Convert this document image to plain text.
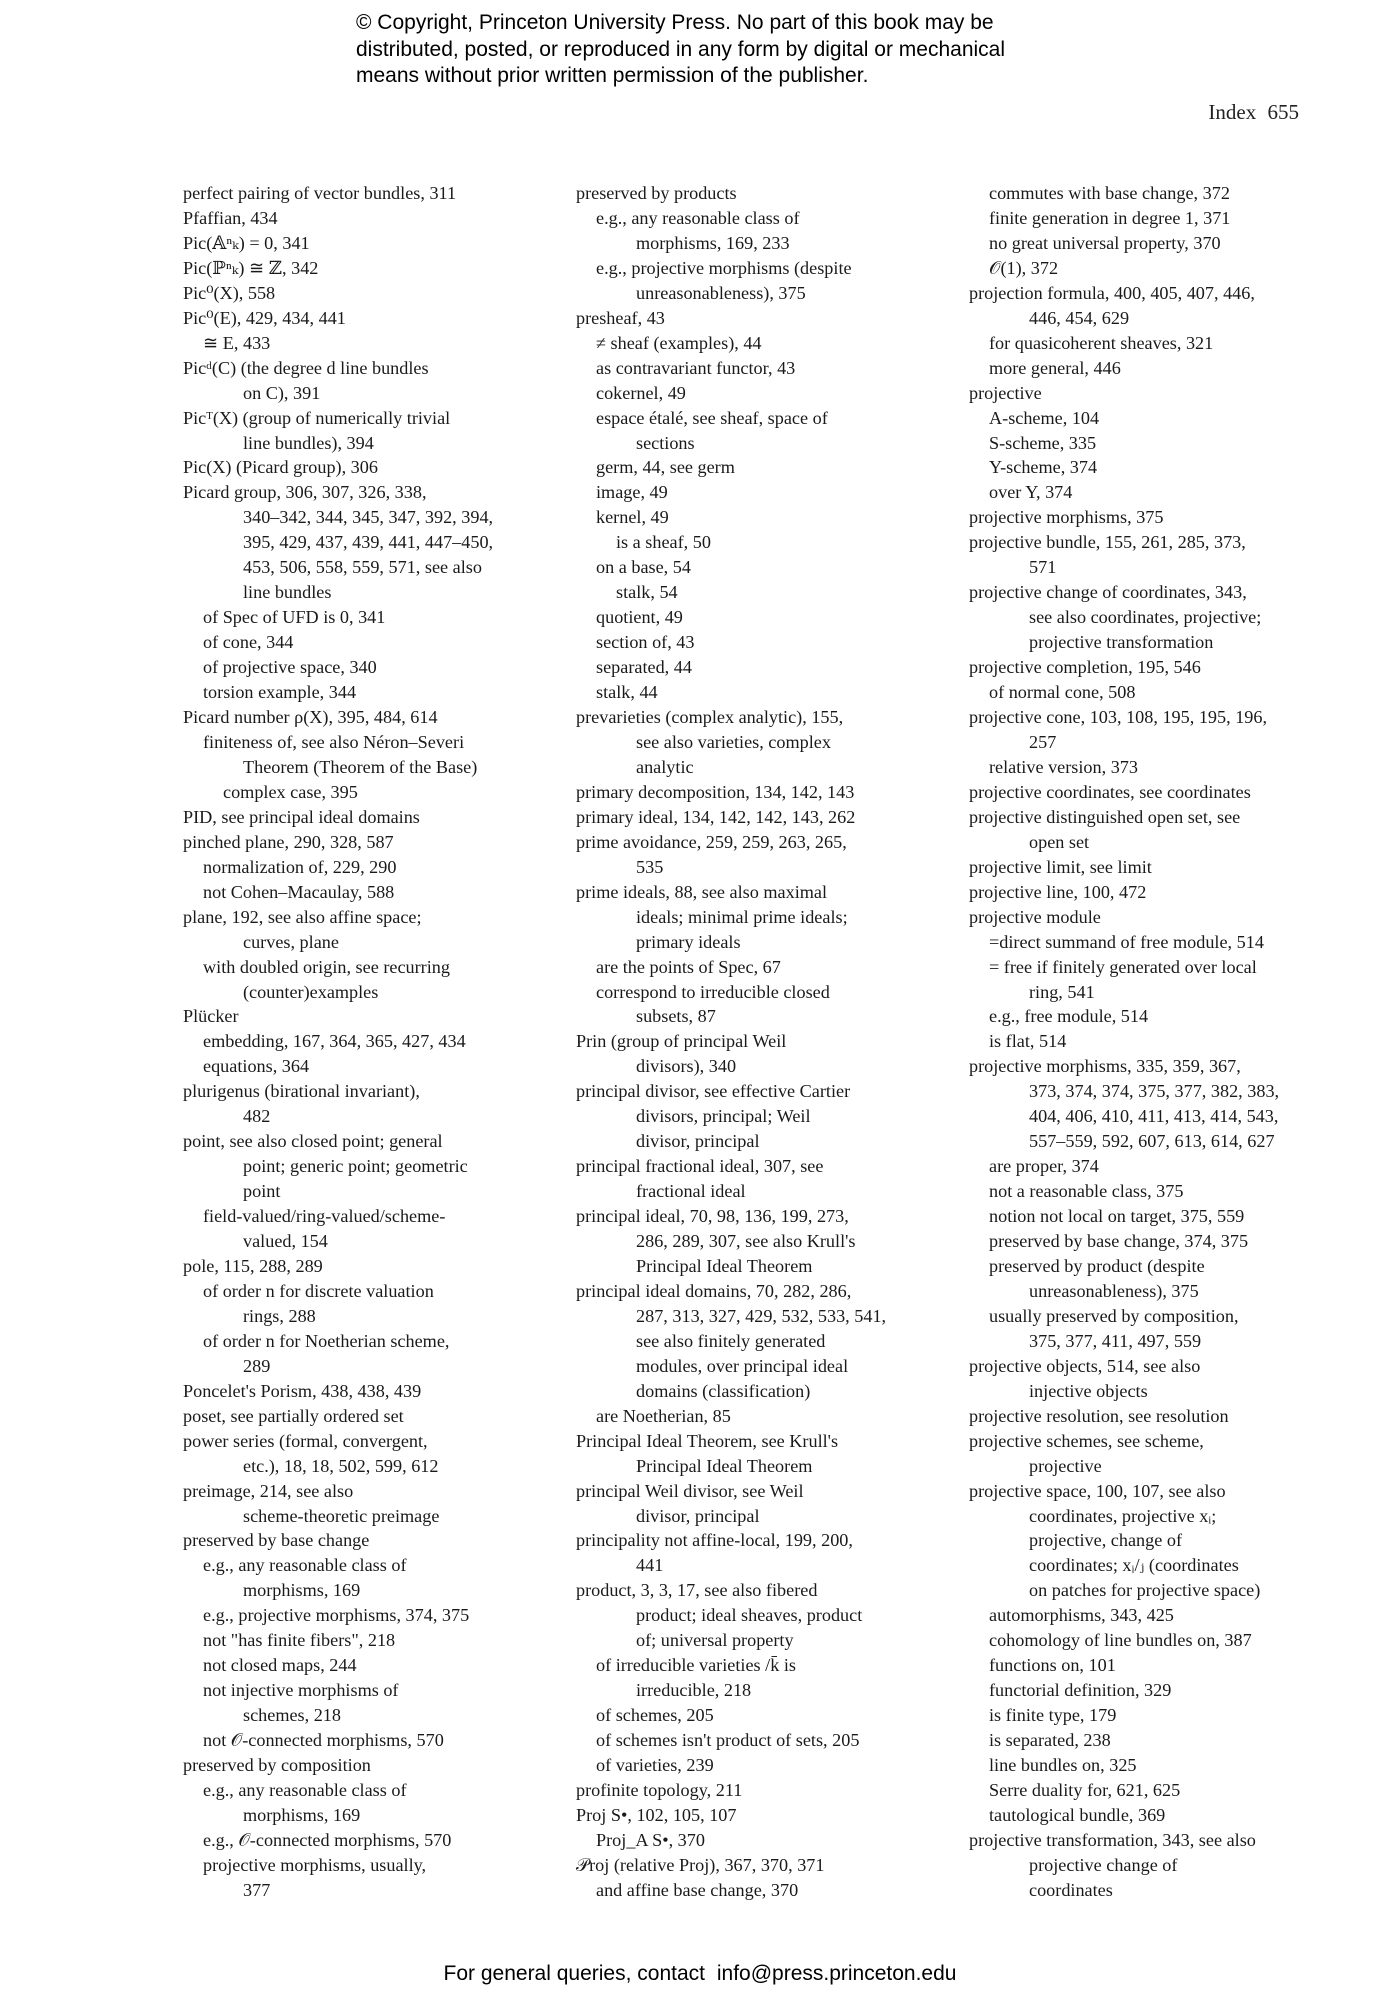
© Copyright, Princeton University Press. No part of this book may be
distributed, posted, or reproduced in any form by digital or mechanical
means without prior written permission of the publisher.
Index 655
perfect pairing of vector bundles, 311
Pfaffian, 434
Pic(𝔸ⁿₖ) = 0, 341
Pic(ℙⁿₖ) ≅ ℤ, 342
Pic⁰(X), 558
Pic⁰(E), 429, 434, 441
≅ E, 433
Picᵈ(C) (the degree d line bundles
on C), 391
Picᵀ(X) (group of numerically trivial
line bundles), 394
Pic(X) (Picard group), 306
Picard group, 306, 307, 326, 338,
340–342, 344, 345, 347, 392, 394,
395, 429, 437, 439, 441, 447–450,
453, 506, 558, 559, 571, see also
line bundles
of Spec of UFD is 0, 341
of cone, 344
of projective space, 340
torsion example, 344
Picard number ρ(X), 395, 484, 614
finiteness of, see also Néron–Severi
Theorem (Theorem of the Base)
complex case, 395
PID, see principal ideal domains
pinched plane, 290, 328, 587
normalization of, 229, 290
not Cohen–Macaulay, 588
plane, 192, see also affine space;
curves, plane
with doubled origin, see recurring
(counter)examples
Plücker
embedding, 167, 364, 365, 427, 434
equations, 364
plurigenus (birational invariant),
482
point, see also closed point; general
point; generic point; geometric
point
field-valued/ring-valued/scheme-
valued, 154
pole, 115, 288, 289
of order n for discrete valuation
rings, 288
of order n for Noetherian scheme,
289
Poncelet's Porism, 438, 438, 439
poset, see partially ordered set
power series (formal, convergent,
etc.), 18, 18, 502, 599, 612
preimage, 214, see also
scheme-theoretic preimage
preserved by base change
e.g., any reasonable class of
morphisms, 169
e.g., projective morphisms, 374, 375
not "has finite fibers", 218
not closed maps, 244
not injective morphisms of
schemes, 218
not 𝒪-connected morphisms, 570
preserved by composition
e.g., any reasonable class of
morphisms, 169
e.g., 𝒪-connected morphisms, 570
projective morphisms, usually,
377
preserved by products
e.g., any reasonable class of
morphisms, 169, 233
e.g., projective morphisms (despite
unreasonableness), 375
presheaf, 43
≠ sheaf (examples), 44
as contravariant functor, 43
cokernel, 49
espace étalé, see sheaf, space of
sections
germ, 44, see germ
image, 49
kernel, 49
is a sheaf, 50
on a base, 54
stalk, 54
quotient, 49
section of, 43
separated, 44
stalk, 44
prevarieties (complex analytic), 155,
see also varieties, complex
analytic
primary decomposition, 134, 142, 143
primary ideal, 134, 142, 142, 143, 262
prime avoidance, 259, 259, 263, 265,
535
prime ideals, 88, see also maximal
ideals; minimal prime ideals;
primary ideals
are the points of Spec, 67
correspond to irreducible closed
subsets, 87
Prin (group of principal Weil
divisors), 340
principal divisor, see effective Cartier
divisors, principal; Weil
divisor, principal
principal fractional ideal, 307, see
fractional ideal
principal ideal, 70, 98, 136, 199, 273,
286, 289, 307, see also Krull's
Principal Ideal Theorem
principal ideal domains, 70, 282, 286,
287, 313, 327, 429, 532, 533, 541,
see also finitely generated
modules, over principal ideal
domains (classification)
are Noetherian, 85
Principal Ideal Theorem, see Krull's
Principal Ideal Theorem
principal Weil divisor, see Weil
divisor, principal
principality not affine-local, 199, 200,
441
product, 3, 3, 17, see also fibered
product; ideal sheaves, product
of; universal property
of irreducible varieties /k̄ is
irreducible, 218
of schemes, 205
of schemes isn't product of sets, 205
of varieties, 239
profinite topology, 211
Proj S•, 102, 105, 107
Proj_A S•, 370
𝒫roj (relative Proj), 367, 370, 371
and affine base change, 370
commutes with base change, 372
finite generation in degree 1, 371
no great universal property, 370
𝒪(1), 372
projection formula, 400, 405, 407, 446,
446, 454, 629
for quasicoherent sheaves, 321
more general, 446
projective
A-scheme, 104
S-scheme, 335
Y-scheme, 374
over Y, 374
projective morphisms, 375
projective bundle, 155, 261, 285, 373,
571
projective change of coordinates, 343,
see also coordinates, projective;
projective transformation
projective completion, 195, 546
of normal cone, 508
projective cone, 103, 108, 195, 195, 196,
257
relative version, 373
projective coordinates, see coordinates
projective distinguished open set, see
open set
projective limit, see limit
projective line, 100, 472
projective module
=direct summand of free module, 514
= free if finitely generated over local
ring, 541
e.g., free module, 514
is flat, 514
projective morphisms, 335, 359, 367,
373, 374, 374, 375, 377, 382, 383,
404, 406, 410, 411, 413, 414, 543,
557–559, 592, 607, 613, 614, 627
are proper, 374
not a reasonable class, 375
notion not local on target, 375, 559
preserved by base change, 374, 375
preserved by product (despite
unreasonableness), 375
usually preserved by composition,
375, 377, 411, 497, 559
projective objects, 514, see also
injective objects
projective resolution, see resolution
projective schemes, see scheme,
projective
projective space, 100, 107, see also
coordinates, projective xᵢ;
projective, change of
coordinates; xᵢ/ⱼ (coordinates
on patches for projective space)
automorphisms, 343, 425
cohomology of line bundles on, 387
functions on, 101
functorial definition, 329
is finite type, 179
is separated, 238
line bundles on, 325
Serre duality for, 621, 625
tautological bundle, 369
projective transformation, 343, see also
projective change of
coordinates
For general queries, contact info@press.princeton.edu
